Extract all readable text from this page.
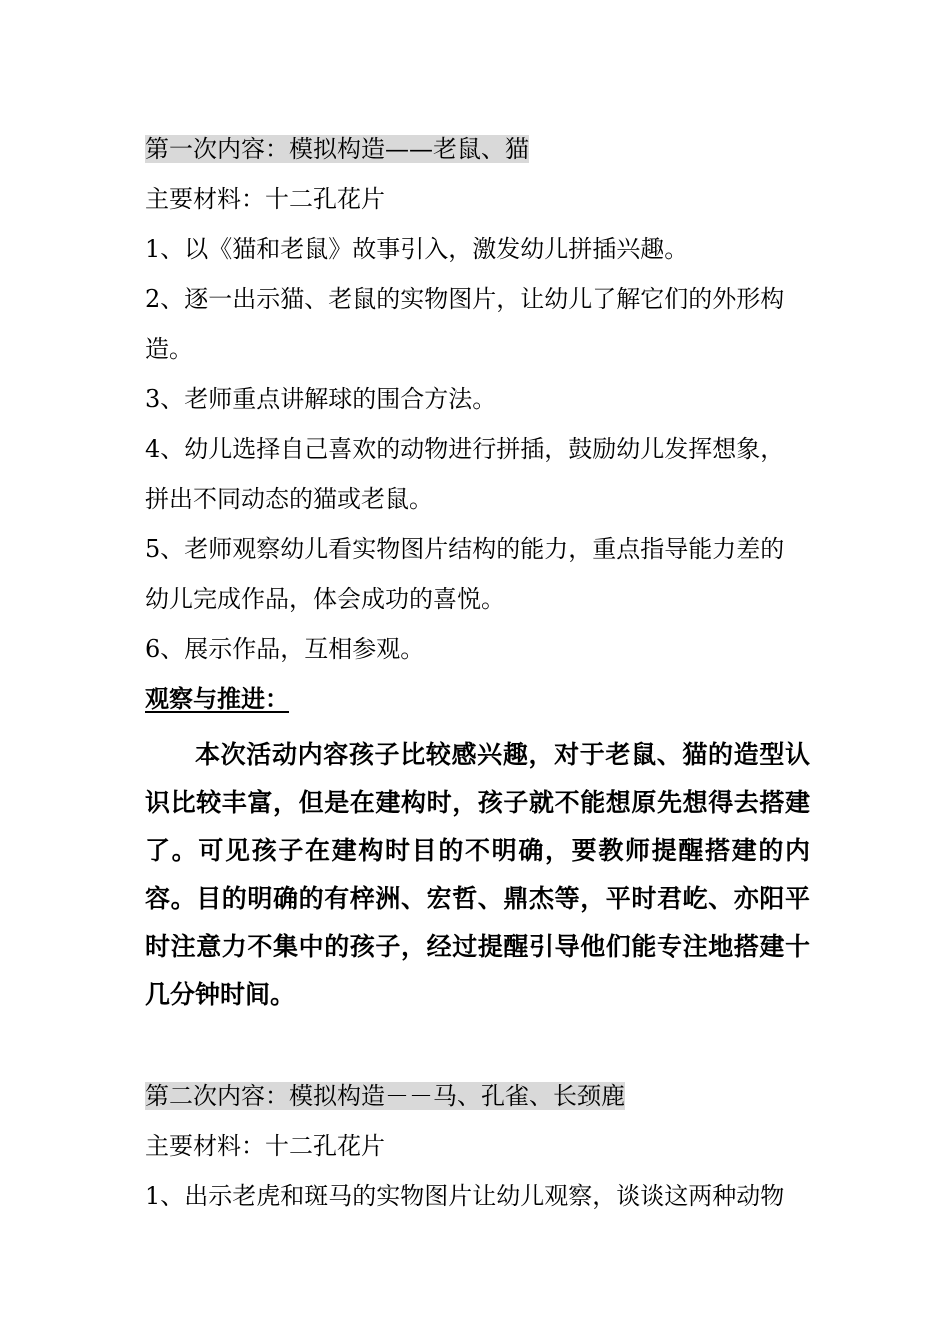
第一次内容：模拟构造——老鼠、猫
主要材料：十二孔花片
1、以《猫和老鼠》故事引入，激发幼儿拼插兴趣。
2、逐一出示猫、老鼠的实物图片，让幼儿了解它们的外形构
造。
3、老师重点讲解球的围合方法。
4、幼儿选择自己喜欢的动物进行拼插，鼓励幼儿发挥想象，
拼出不同动态的猫或老鼠。
5、老师观察幼儿看实物图片结构的能力，重点指导能力差的
幼儿完成作品，体会成功的喜悦。
6、展示作品，互相参观。
观察与推进：
本次活动内容孩子比较感兴趣，对于老鼠、猫的造型认识比较丰富，但是在建构时，孩子就不能想原先想得去搭建了。可见孩子在建构时目的不明确，要教师提醒搭建的内容。目的明确的有梓洲、宏哲、鼎杰等，平时君屹、亦阳平时注意力不集中的孩子，经过提醒引导他们能专注地搭建十几分钟时间。
第二次内容：模拟构造－－马、孔雀、长颈鹿
主要材料：十二孔花片
1、出示老虎和斑马的实物图片让幼儿观察，谈谈这两种动物
